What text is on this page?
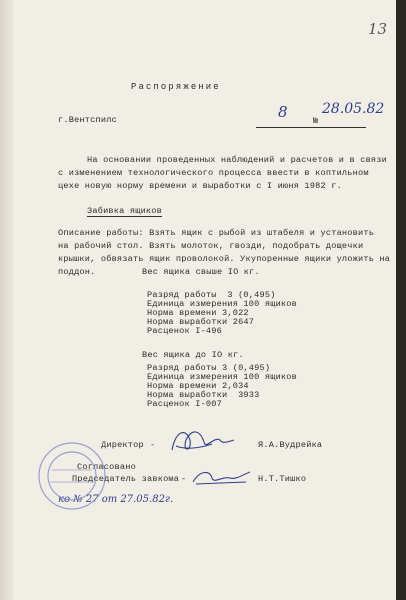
13
Распоряжение
г.Вентспилс	8	№
28.05.82
На основании проведенных наблюдений и расчетов и в связи
с изменением технологического процесса ввести в коптильном
цехе новую норму времени и выработки с I июня 1982 г.
Забивка ящиков
Описание работы: Взять ящик с рыбой из штабеля и установить
на рабочий стол. Взять молоток, гвозди, подобрать дощечки
крышки, обвязать ящик проволокой. Укупоренные ящики уложить на
поддон.	Вес ящика свыше IO кг.
Разряд работы  3 (0,495)
Единица измерения 100 ящиков
Норма времени 3,022
Норма выработки 2647
Расценок I-496
Вес ящика до IO кг.
Разряд работы 3 (0,495)
Единица измерения 100 ящиков
Норма времени 2,034
Норма выработки  3933
Расценок I-007
Директор -	Я.А.Вудрейка
Согласовано
Председатель завкома -	Н.Т.Тишко
ко № 27 от 27.05.82г.
